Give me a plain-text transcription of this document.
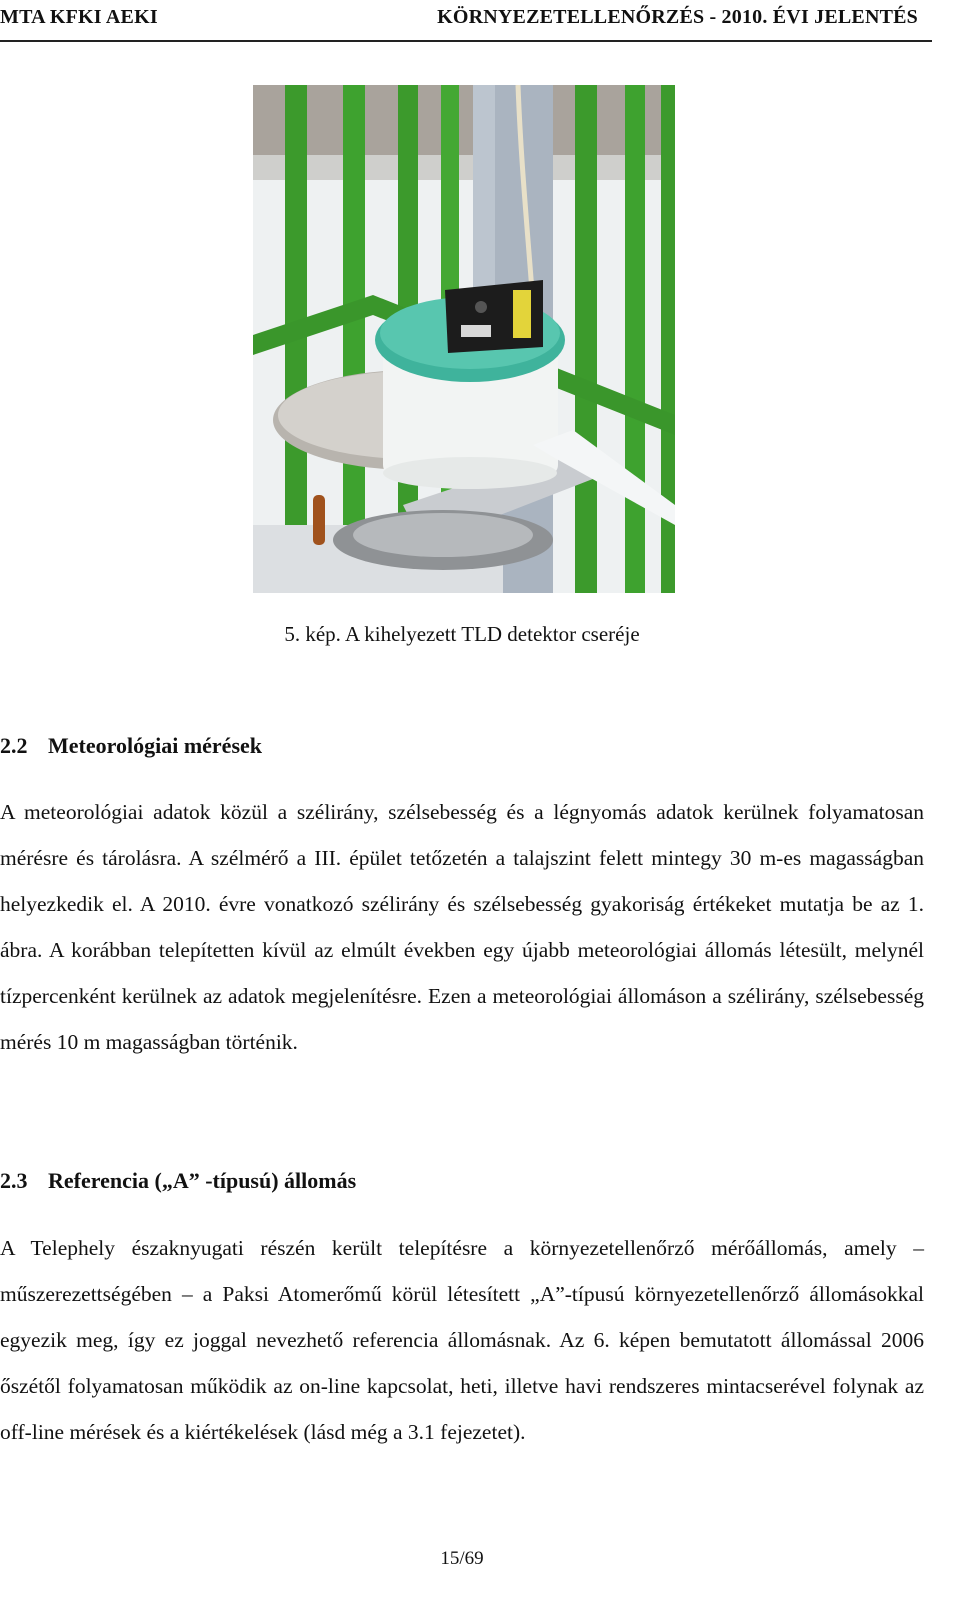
MTA KFKI AEKI	KÖRNYEZETELLENŐRZÉS - 2010. ÉVI JELENTÉS
5. kép. A kihelyezett TLD detektor cseréje
2.2 Meteorológiai mérések

A meteorológiai adatok közül a szélirány, szélsebesség és a légnyomás adatok kerülnek folyamatosan mérésre és tárolásra. A szélmérő a III. épület tetőzetén a talajszint felett mintegy 30 m-es magasságban helyezkedik el. A 2010. évre vonatkozó szélirány és szélsebesség gyakoriság értékeket mutatja be az 1. ábra. A korábban telepítetten kívül az elmúlt években egy újabb meteorológiai állomás létesült, melynél tízpercenként kerülnek az adatok megjelenítésre. Ezen a meteorológiai állomáson a szélirány, szélsebesség mérés 10 m magasságban történik.

2.3 Referencia („A” -típusú) állomás

A Telephely északnyugati részén került telepítésre a környezetellenőrző mérőállomás, amely – műszerezettségében – a Paksi Atomerőmű körül létesített „A”-típusú környezetellenőrző állomásokkal egyezik meg, így ez joggal nevezhető referencia állomásnak. Az 6. képen bemutatott állomással 2006 őszétől folyamatosan működik az on-line kapcsolat, heti, illetve havi rendszeres mintacserével folynak az off-line mérések és a kiértékelések (lásd még a 3.1 fejezetet).

15/69
